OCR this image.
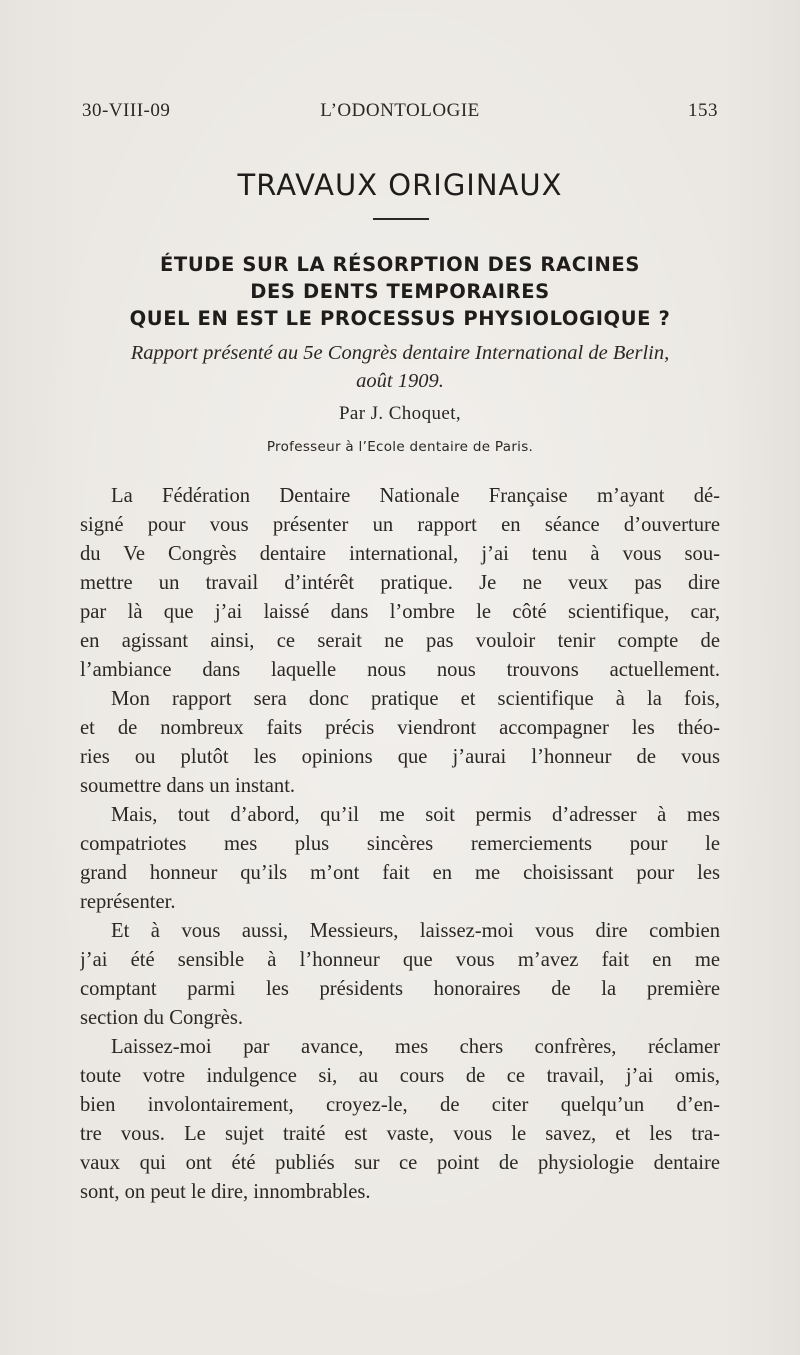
30-VIII-09	L’ODONTOLOGIE	153
TRAVAUX ORIGINAUX
ÉTUDE SUR LA RÉSORPTION DES RACINES
DES DENTS TEMPORAIRES
QUEL EN EST LE PROCESSUS PHYSIOLOGIQUE ?
Rapport présenté au 5e Congrès dentaire International de Berlin,
août 1909.
Par J. Choquet,
Professeur à l’Ecole dentaire de Paris.
La Fédération Dentaire Nationale Française m’ayant dé-
signé pour vous présenter un rapport en séance d’ouverture
du Ve Congrès dentaire international, j’ai tenu à vous sou-
mettre un travail d’intérêt pratique. Je ne veux pas dire
par là que j’ai laissé dans l’ombre le côté scientifique, car,
en agissant ainsi, ce serait ne pas vouloir tenir compte de
l’ambiance dans laquelle nous nous trouvons actuellement.
Mon rapport sera donc pratique et scientifique à la fois,
et de nombreux faits précis viendront accompagner les théo-
ries ou plutôt les opinions que j’aurai l’honneur de vous
soumettre dans un instant.
Mais, tout d’abord, qu’il me soit permis d’adresser à mes
compatriotes mes plus sincères remerciements pour le
grand honneur qu’ils m’ont fait en me choisissant pour les
représenter.
Et à vous aussi, Messieurs, laissez-moi vous dire combien
j’ai été sensible à l’honneur que vous m’avez fait en me
comptant parmi les présidents honoraires de la première
section du Congrès.
Laissez-moi par avance, mes chers confrères, réclamer
toute votre indulgence si, au cours de ce travail, j’ai omis,
bien involontairement, croyez-le, de citer quelqu’un d’en-
tre vous. Le sujet traité est vaste, vous le savez, et les tra-
vaux qui ont été publiés sur ce point de physiologie dentaire
sont, on peut le dire, innombrables.
